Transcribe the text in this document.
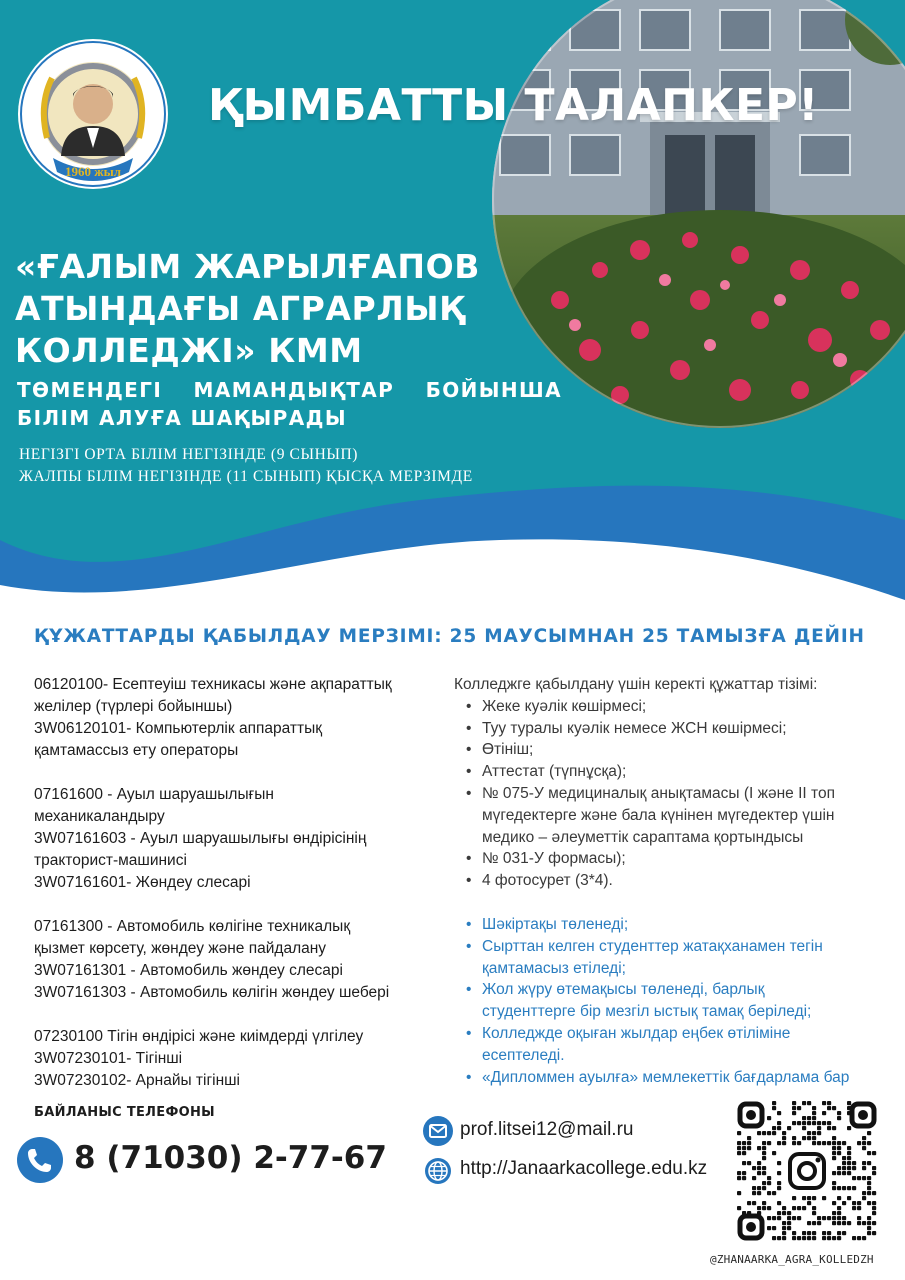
1960 жыл
ҚЫМБАТТЫ ТАЛАПКЕР!
«ҒАЛЫМ ЖАРЫЛҒАПОВ
АТЫНДАҒЫ АГРАРЛЫҚ
КОЛЛЕДЖІ» КММ
ТӨМЕНДЕГІ МАМАНДЫҚТАР БОЙЫНША
БІЛІМ АЛУҒА ШАҚЫРАДЫ
НЕГІЗГІ ОРТА БІЛІМ НЕГІЗІНДЕ (9 СЫНЫП)
ЖАЛПЫ БІЛІМ НЕГІЗІНДЕ (11 СЫНЫП) ҚЫСҚА МЕРЗІМДЕ
ҚҰЖАТТАРДЫ ҚАБЫЛДАУ МЕРЗІМІ: 25 МАУСЫМНАН 25 ТАМЫЗҒА ДЕЙІН

06120100- Есептеуіш техникасы және ақпараттық

желілер (түрлері бойыншы)

3W06120101- Компьютерлік аппараттық

қамтамассыз ету операторы

07161600 - Ауыл шаруашылығын

механикаландыру

3W07161603 - Ауыл шаруашылығы өндірісінің

тракторист-машинисі

3W07161601- Жөндеу слесарі

07161300 - Автомобиль көлігіне техникалық

қызмет көрсету, жөндеу және пайдалану

3W07161301 - Автомобиль жөндеу слесарі

3W07161303 - Автомобиль көлігін жөндеу шебері

07230100 Тігін өндірісі және киімдерді үлгілеу

3W07230101- Тігінші

3W07230102- Арнайы тігінші

Колледжге қабылдану үшін керекті құжаттар тізімі:
• Жеке куәлік көшірмесі;
• Туу туралы куәлік немесе ЖСН көшірмесі;
• Өтініш;
• Аттестат (түпнұсқа);
• № 075-У медициналық анықтамасы (I және II топ
мүгедектерге және бала күнінен мүгедектер үшін
медико – әлеуметтік сараптама қортындысы
• № 031-У формасы);
• 4 фотосурет (3*4).
• Шәкіртақы төленеді;
• Сырттан келген студенттер жатақханамен тегін
қамтамасыз етіледі;
• Жол жүру өтемақысы төленеді, барлық
студенттерге бір мезгіл ыстық тамақ беріледі;
• Колледжде оқыған жылдар еңбек өтіліміне
есептеледі.
• «Дипломмен ауылға» мемлекеттік бағдарлама бар
БАЙЛАНЫС ТЕЛЕФОНЫ
8 (71030) 2-77-67
prof.litsei12@mail.ru
http://Janaarkacollege.edu.kz
@ZHANAARKA_AGRA_KOLLEDZH
